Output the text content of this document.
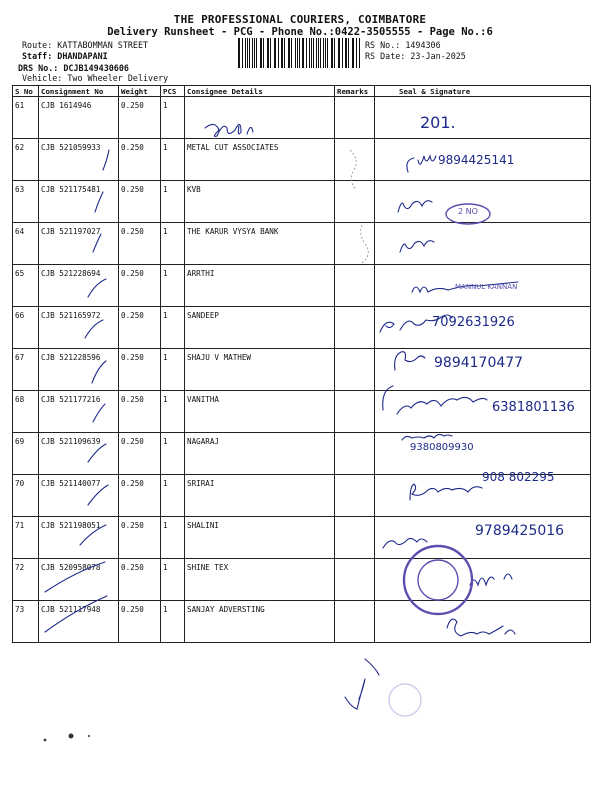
THE PROFESSIONAL COURIERS, COIMBATORE
Delivery Runsheet - PCG - Phone No.:0422-3505555 - Page No.:6
Route: KATTABOMMAN STREET
Staff: DHANDAPANI
DRS No.: DCJB149430606
Vehicle: Two Wheeler Delivery
RS No.: 1494306
RS Date: 23-Jan-2025
S No	Consignment No	Weight	PCS	Consignee Details	Remarks	Seal & Signature
61	CJB 1614946	0.250	1			
62	CJB 521059933	0.250	1	METAL CUT ASSOCIATES		
63	CJB 521175481	0.250	1	KVB		
64	CJB 521197027	0.250	1	THE KARUR VYSYA BANK		
65	CJB 521228694	0.250	1	ARRTHI		
66	CJB 521165972	0.250	1	SANDEEP		
67	CJB 521228596	0.250	1	SHAJU V MATHEW		
68	CJB 521177216	0.250	1	VANITHA		
69	CJB 521109639	0.250	1	NAGARAJ		
70	CJB 521140077	0.250	1	SRIRAI		
71	CJB 521198051	0.250	1	SHALINI		
72	CJB 520958078	0.250	1	SHINE TEX		
73	CJB 521117948	0.250	1	SANJAY ADVERSTING		
201.
9894425141
2 NO
MANNUL KANNAN
7092631926
9894170477
6381801136
9380809930
908 802295
9789425016
